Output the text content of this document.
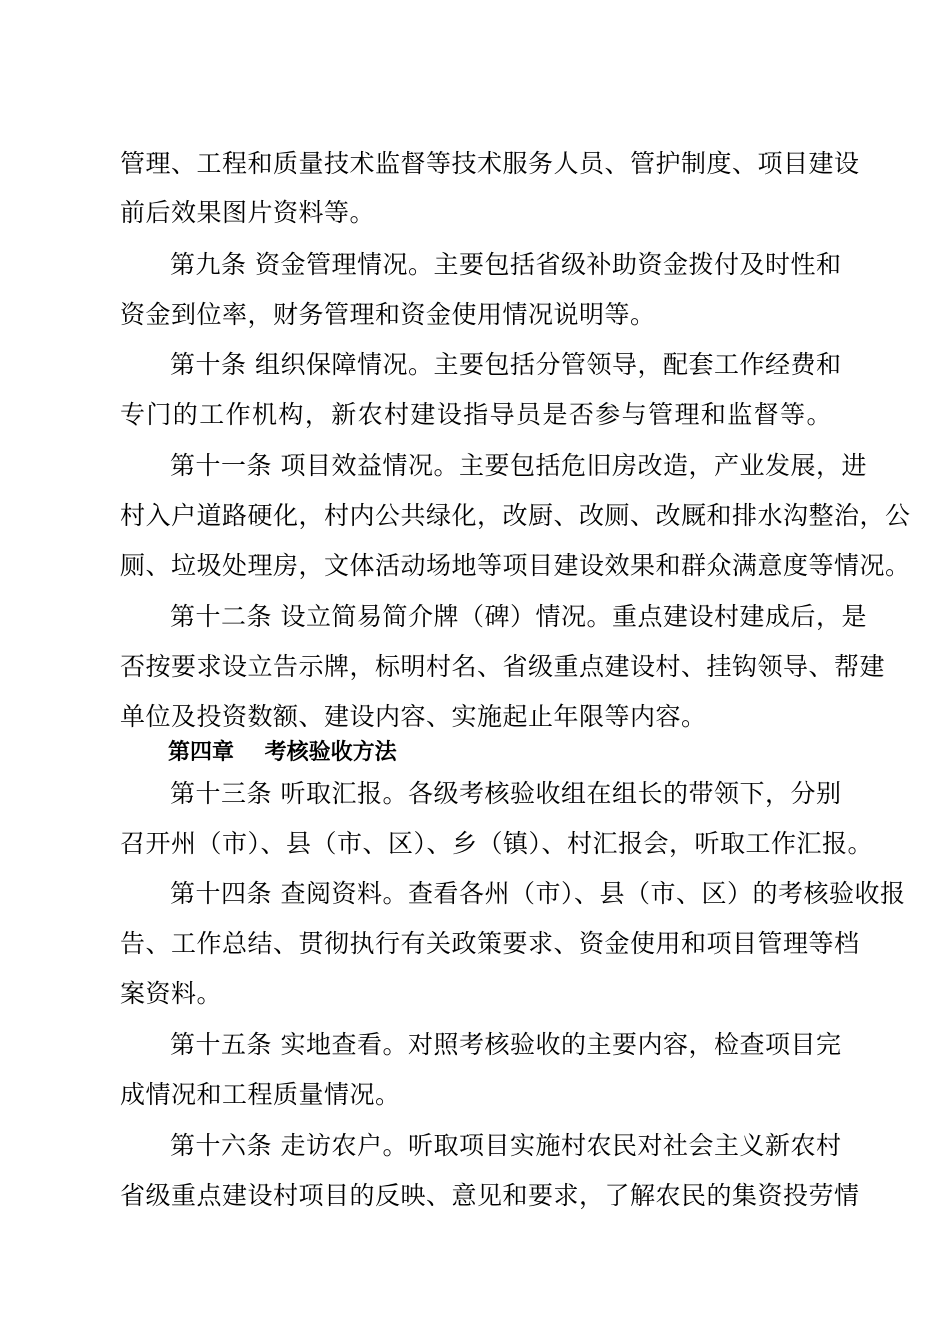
管理、工程和质量技术监督等技术服务人员、管护制度、项目建设
前后效果图片资料等。
第九条 资金管理情况。主要包括省级补助资金拨付及时性和
资金到位率，财务管理和资金使用情况说明等。
第十条 组织保障情况。主要包括分管领导，配套工作经费和
专门的工作机构，新农村建设指导员是否参与管理和监督等。
第十一条 项目效益情况。主要包括危旧房改造，产业发展，进
村入户道路硬化，村内公共绿化，改厨、改厕、改厩和排水沟整治，公
厕、垃圾处理房，文体活动场地等项目建设效果和群众满意度等情况。
第十二条 设立简易简介牌（碑）情况。重点建设村建成后，是
否按要求设立告示牌，标明村名、省级重点建设村、挂钩领导、帮建
单位及投资数额、建设内容、实施起止年限等内容。
第四章    考核验收方法
第十三条 听取汇报。各级考核验收组在组长的带领下，分别
召开州（市）、县（市、区）、乡（镇）、村汇报会，听取工作汇报。
第十四条 查阅资料。查看各州（市）、县（市、区）的考核验收报
告、工作总结、贯彻执行有关政策要求、资金使用和项目管理等档
案资料。
第十五条 实地查看。对照考核验收的主要内容，检查项目完
成情况和工程质量情况。
第十六条 走访农户。听取项目实施村农民对社会主义新农村
省级重点建设村项目的反映、意见和要求，了解农民的集资投劳情
